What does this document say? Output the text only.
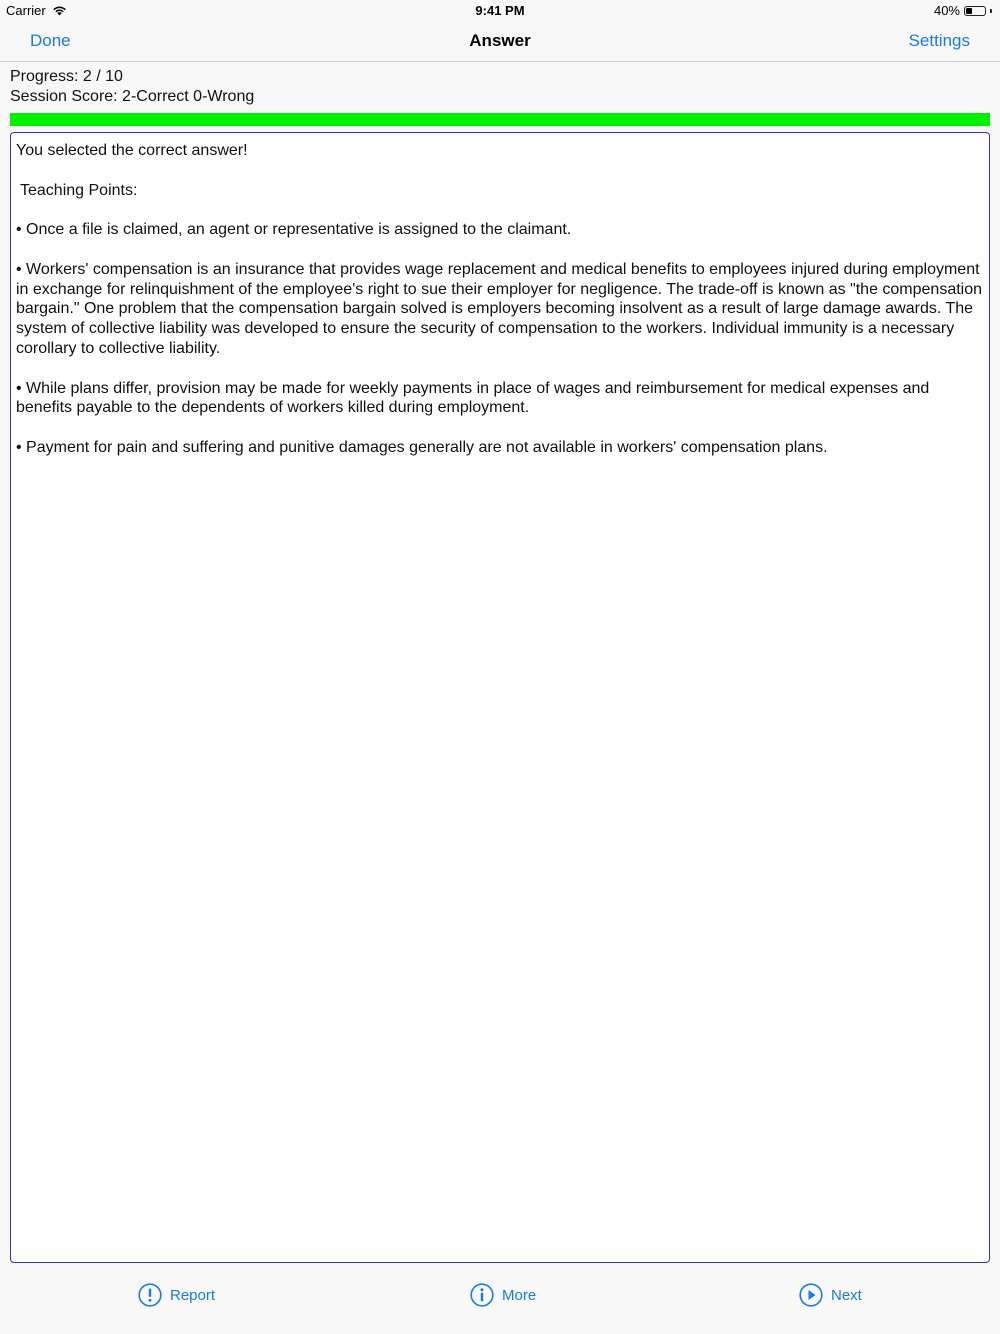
Carrier	9:41 PM	40%
Done	Answer	Settings
Progress: 2 / 10
Session Score: 2-Correct 0-Wrong

You selected the correct answer!

Teaching Points:

• Once a file is claimed, an agent or representative is assigned to the claimant.

• Workers' compensation is an insurance that provides wage replacement and medical benefits to employees injured during employment in exchange for relinquishment of the employee's right to sue their employer for negligence. The trade-off is known as "the compensation bargain." One problem that the compensation bargain solved is employers becoming insolvent as a result of large damage awards. The system of collective liability was developed to ensure the security of compensation to the workers. Individual immunity is a necessary corollary to collective liability.

• While plans differ, provision may be made for weekly payments in place of wages and reimbursement for medical expenses and benefits payable to the dependents of workers killed during employment.

• Payment for pain and suffering and punitive damages generally are not available in workers' compensation plans.

Report	More	Next
